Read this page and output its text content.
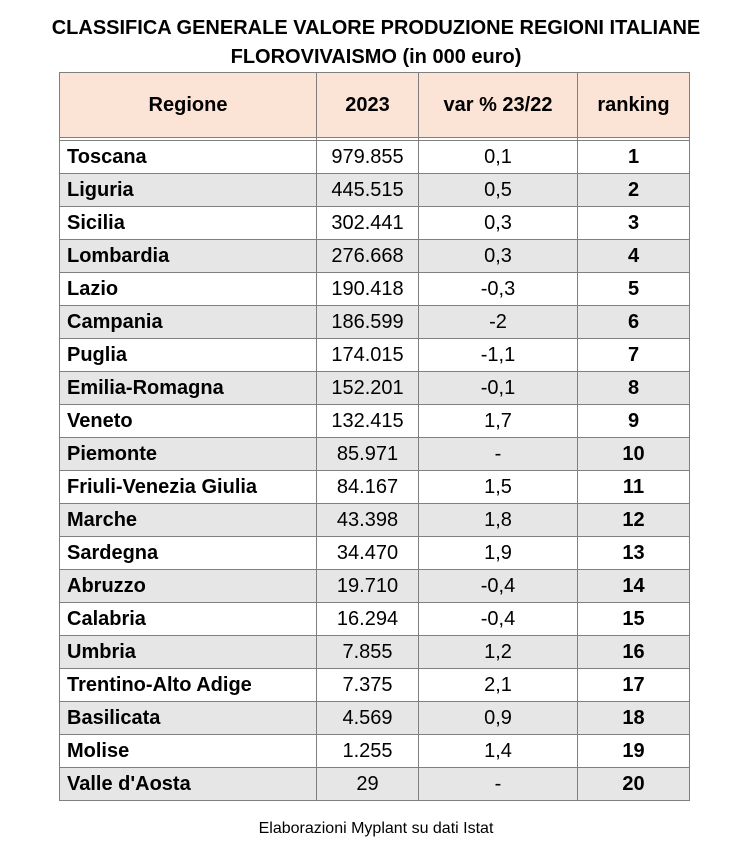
CLASSIFICA GENERALE VALORE PRODUZIONE REGIONI ITALIANE
FLOROVIVAISMO (in 000 euro)
Regione	2023	var % 23/22	ranking

Toscana	979.855	0,1	1
Liguria	445.515	0,5	2
Sicilia	302.441	0,3	3
Lombardia	276.668	0,3	4
Lazio	190.418	-0,3	5
Campania	186.599	-2	6
Puglia	174.015	-1,1	7
Emilia-Romagna	152.201	-0,1	8
Veneto	132.415	1,7	9
Piemonte	85.971	-	10
Friuli-Venezia Giulia	84.167	1,5	11
Marche	43.398	1,8	12
Sardegna	34.470	1,9	13
Abruzzo	19.710	-0,4	14
Calabria	16.294	-0,4	15
Umbria	7.855	1,2	16
Trentino-Alto Adige	7.375	2,1	17
Basilicata	4.569	0,9	18
Molise	1.255	1,4	19
Valle d'Aosta	29	-	20
Elaborazioni Myplant su dati Istat
